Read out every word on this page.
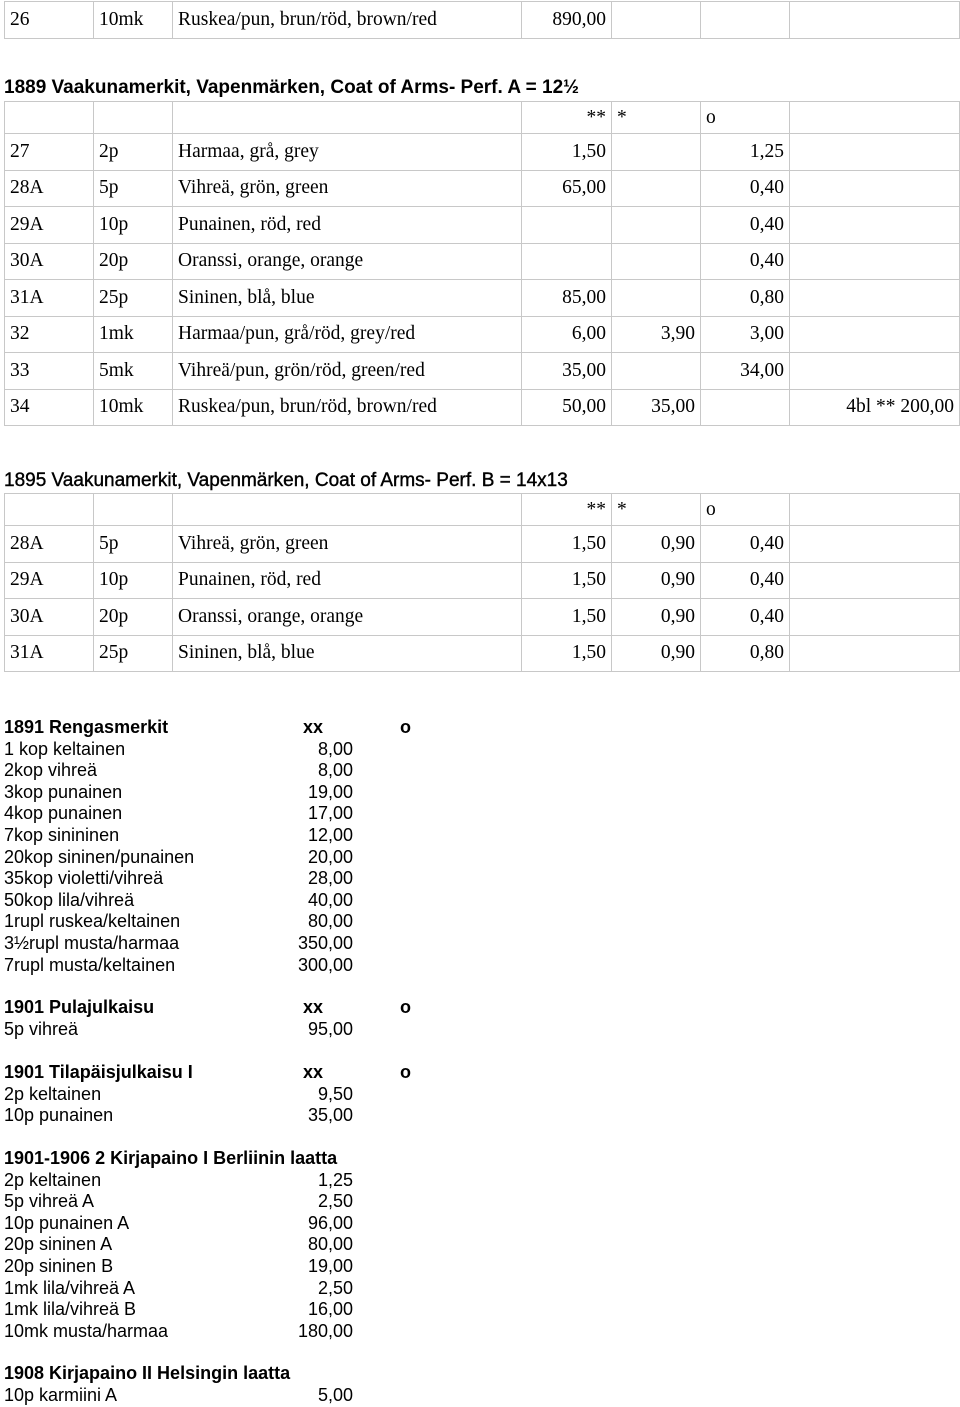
26	10mk	Ruskea/pun, brun/röd, brown/red	890,00			
1889 Vaakunamerkit, Vapenmärken, Coat of Arms- Perf. A = 12½
			**	*	o	
27	2p	Harmaa, grå, grey	1,50		1,25	
28A	5p	Vihreä, grön, green	65,00		0,40	
29A	10p	Punainen, röd, red			0,40	
30A	20p	Oranssi, orange, orange			0,40	
31A	25p	Sininen, blå, blue	85,00		0,80	
32	1mk	Harmaa/pun, grå/röd, grey/red	6,00	3,90	3,00	
33	5mk	Vihreä/pun, grön/röd, green/red	35,00		34,00	
34	10mk	Ruskea/pun, brun/röd, brown/red	50,00	35,00		4bl ** 200,00
1895 Vaakunamerkit, Vapenmärken, Coat of Arms- Perf. B = 14x13
			**	*	o	
28A	5p	Vihreä, grön, green	1,50	0,90	0,40	
29A	10p	Punainen, röd, red	1,50	0,90	0,40	
30A	20p	Oranssi, orange, orange	1,50	0,90	0,40	
31A	25p	Sininen, blå, blue	1,50	0,90	0,80	
1891 Rengasmerkit	xx	o
1 kop keltainen	8,00
2kop vihreä	8,00
3kop punainen	19,00
4kop punainen	17,00
7kop sinininen	12,00
20kop sininen/punainen	20,00
35kop violetti/vihreä	28,00
50kop lila/vihreä	40,00
1rupl ruskea/keltainen	80,00
3½rupl musta/harmaa	350,00
7rupl musta/keltainen	300,00
1901 Pulajulkaisu	xx	o
5p vihreä	95,00
1901 Tilapäisjulkaisu I	xx	o
2p keltainen	9,50
10p punainen	35,00
1901-1906 2 Kirjapaino I Berliinin laatta
2p keltainen	1,25
5p vihreä A	2,50
10p punainen A	96,00
20p sininen A	80,00
20p sininen B	19,00
1mk lila/vihreä A	2,50
1mk lila/vihreä B	16,00
10mk musta/harmaa	180,00
1908 Kirjapaino II Helsingin laatta
10p karmiini A	5,00
